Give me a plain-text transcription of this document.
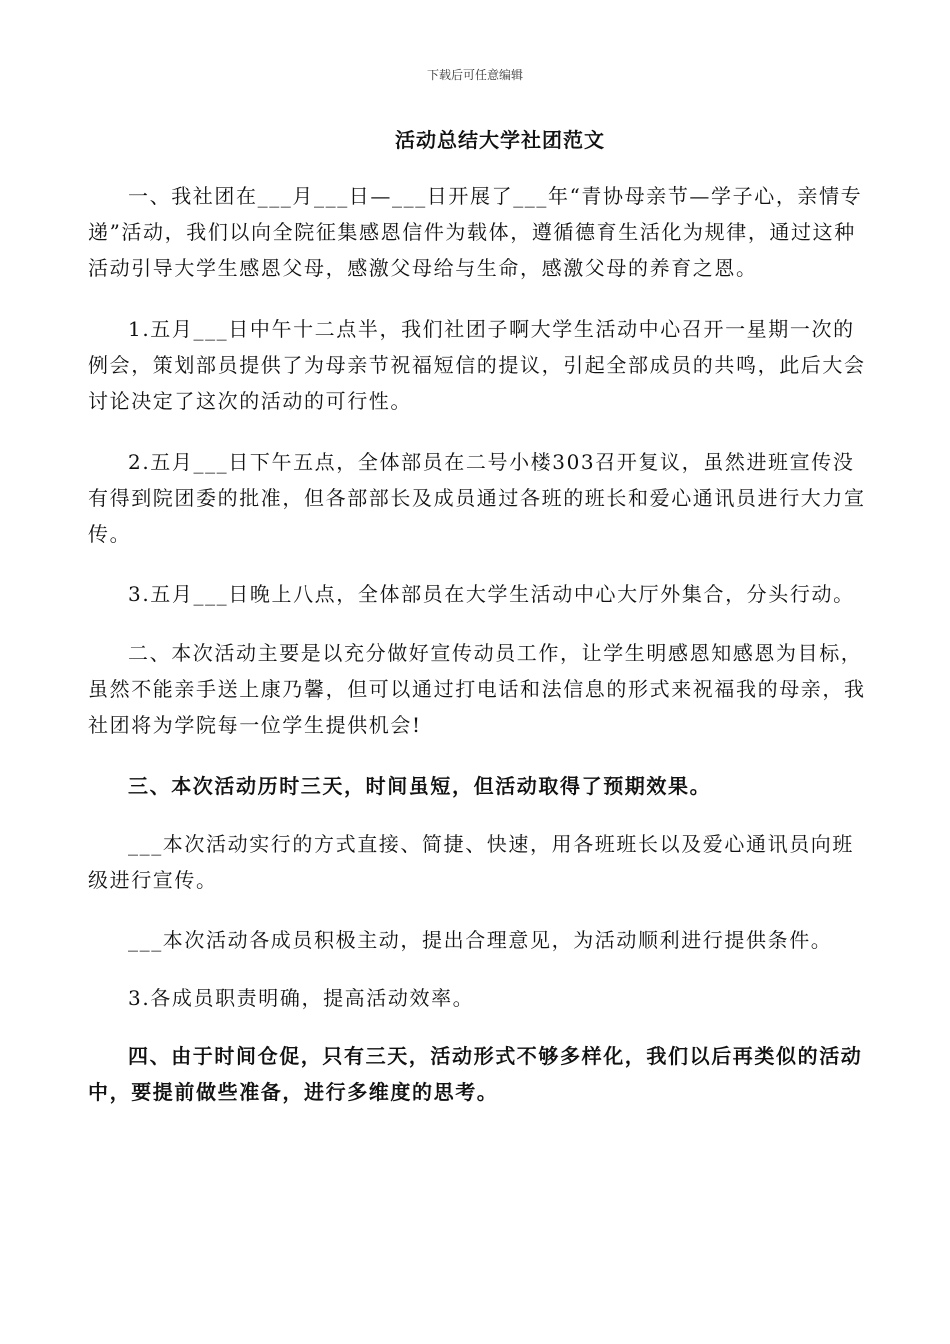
下载后可任意编辑
活动总结大学社团范文

一、我社团在___月___日—___日开展了___年“青协母亲节—学子心，亲情专递”活动，我们以向全院征集感恩信件为载体，遵循德育生活化为规律，通过这种活动引导大学生感恩父母，感激父母给与生命，感激父母的养育之恩。

1.五月___日中午十二点半，我们社团子啊大学生活动中心召开一星期一次的例会，策划部员提供了为母亲节祝福短信的提议，引起全部成员的共鸣，此后大会讨论决定了这次的活动的可行性。

2.五月___日下午五点，全体部员在二号小楼303召开复议，虽然进班宣传没有得到院团委的批准，但各部部长及成员通过各班的班长和爱心通讯员进行大力宣传。

3.五月___日晚上八点，全体部员在大学生活动中心大厅外集合，分头行动。

二、本次活动主要是以充分做好宣传动员工作，让学生明感恩知感恩为目标，虽然不能亲手送上康乃馨，但可以通过打电话和法信息的形式来祝福我的母亲，我社团将为学院每一位学生提供机会!

三、本次活动历时三天，时间虽短，但活动取得了预期效果。

___本次活动实行的方式直接、简捷、快速，用各班班长以及爱心通讯员向班级进行宣传。

___本次活动各成员积极主动，提出合理意见，为活动顺利进行提供条件。

3.各成员职责明确，提高活动效率。

四、由于时间仓促，只有三天，活动形式不够多样化，我们以后再类似的活动中，要提前做些准备，进行多维度的思考。
